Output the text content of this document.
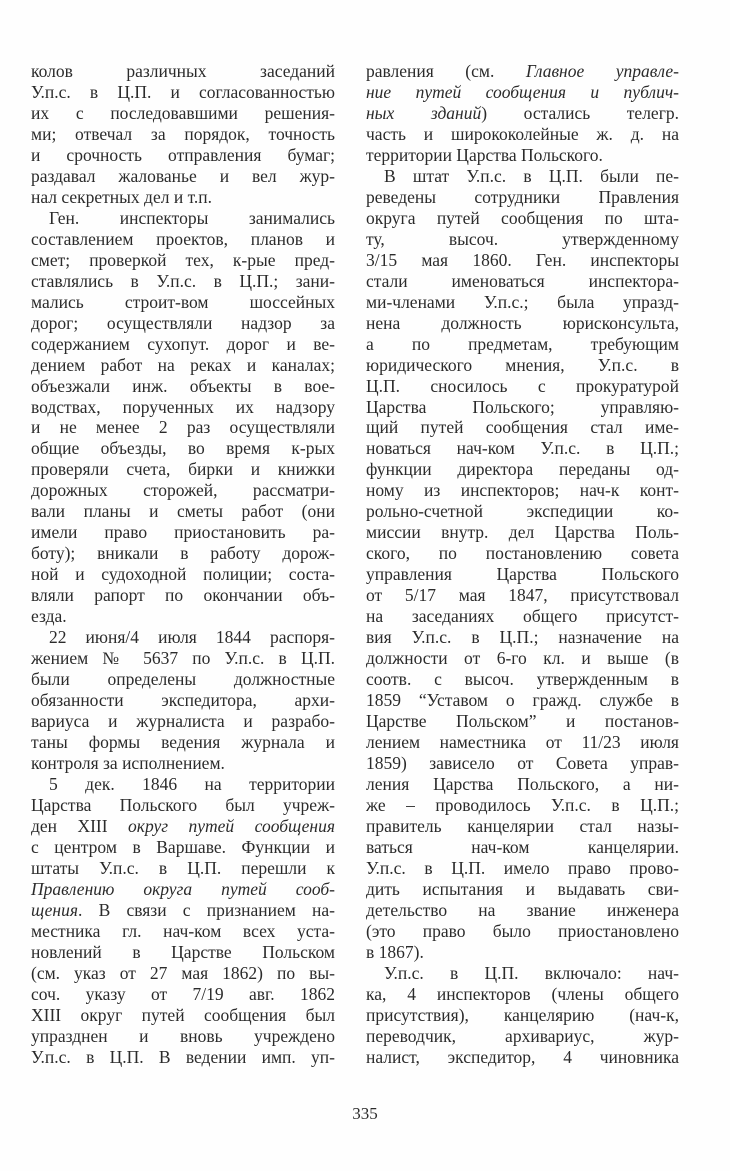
колов различных заседаний
У.п.с. в Ц.П. и согласованностью
их с последовавшими решения-
ми; отвечал за порядок, точность
и срочность отправления бумаг;
раздавал жалованье и вел жур-
нал секретных дел и т.п.
Ген. инспекторы занимались
составлением проектов, планов и
смет; проверкой тех, к-рые пред-
ставлялись в У.п.с. в Ц.П.; зани-
мались строит-вом шоссейных
дорог; осуществляли надзор за
содержанием сухопут. дорог и ве-
дением работ на реках и каналах;
объезжали инж. объекты в вое-
водствах, порученных их надзору
и не менее 2 раз осуществляли
общие объезды, во время к-рых
проверяли счета, бирки и книжки
дорожных сторожей, рассматри-
вали планы и сметы работ (они
имели право приостановить ра-
боту); вникали в работу дорож-
ной и судоходной полиции; соста-
вляли рапорт по окончании объ-
езда.
22 июня/4 июля 1844 распоря-
жением № 5637 по У.п.с. в Ц.П.
были определены должностные
обязанности экспедитора, архи-
вариуса и журналиста и разрабо-
таны формы ведения журнала и
контроля за исполнением.
5 дек. 1846 на территории
Царства Польского был учреж-
ден XIII округ путей сообщения
с центром в Варшаве. Функции и
штаты У.п.с. в Ц.П. перешли к
Правлению округа путей сооб-
щения. В связи с признанием на-
местника гл. нач-ком всех уста-
новлений в Царстве Польском
(см. указ от 27 мая 1862) по вы-
соч. указу от 7/19 авг. 1862
XIII округ путей сообщения был
упразднен и вновь учреждено
У.п.с. в Ц.П. В ведении имп. уп-
равления (см. Главное управле-
ние путей сообщения и публич-
ных зданий) остались телегр.
часть и ширококолейные ж. д. на
территории Царства Польского.
В штат У.п.с. в Ц.П. были пе-
реведены сотрудники Правления
округа путей сообщения по шта-
ту, высоч. утвержденному
3/15 мая 1860. Ген. инспекторы
стали именоваться инспектора-
ми-членами У.п.с.; была упразд-
нена должность юрисконсульта,
а по предметам, требующим
юридического мнения, У.п.с. в
Ц.П. сносилось с прокуратурой
Царства Польского; управляю-
щий путей сообщения стал име-
новаться нач-ком У.п.с. в Ц.П.;
функции директора переданы од-
ному из инспекторов; нач-к конт-
рольно-счетной экспедиции ко-
миссии внутр. дел Царства Поль-
ского, по постановлению совета
управления Царства Польского
от 5/17 мая 1847, присутствовал
на заседаниях общего присутст-
вия У.п.с. в Ц.П.; назначение на
должности от 6-го кл. и выше (в
соотв. с высоч. утвержденным в
1859 “Уставом о гражд. службе в
Царстве Польском” и постанов-
лением наместника от 11/23 июля
1859) зависело от Совета управ-
ления Царства Польского, а ни-
же – проводилось У.п.с. в Ц.П.;
правитель канцелярии стал назы-
ваться нач-ком канцелярии.
У.п.с. в Ц.П. имело право прово-
дить испытания и выдавать сви-
детельство на звание инженера
(это право было приостановлено
в 1867).
У.п.с. в Ц.П. включало: нач-
ка, 4 инспекторов (члены общего
присутствия), канцелярию (нач-к,
переводчик, архивариус, жур-
налист, экспедитор, 4 чиновника
335
